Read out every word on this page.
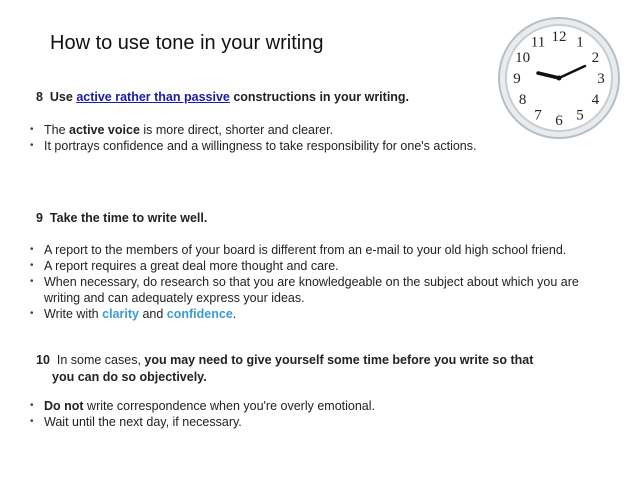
How to use tone in your writing	12 1
2
3
4
5
6
7
8
9
10
11
8 Use active rather than passive constructions in your writing.
• The active voice is more direct, shorter and clearer.
• It portrays confidence and a willingness to take responsibility for one's actions.
9 Take the time to write well.
• A report to the members of your board is different from an e-mail to your old high school friend.
• A report requires a great deal more thought and care.
• When necessary, do research so that you are knowledgeable on the subject about which you are
writing and can adequately express your ideas.
• Write with clarity and confidence.
10 In some cases, you may need to give yourself some time before you write so that
you can do so objectively.
• Do not write correspondence when you're overly emotional.
• Wait until the next day, if necessary.
